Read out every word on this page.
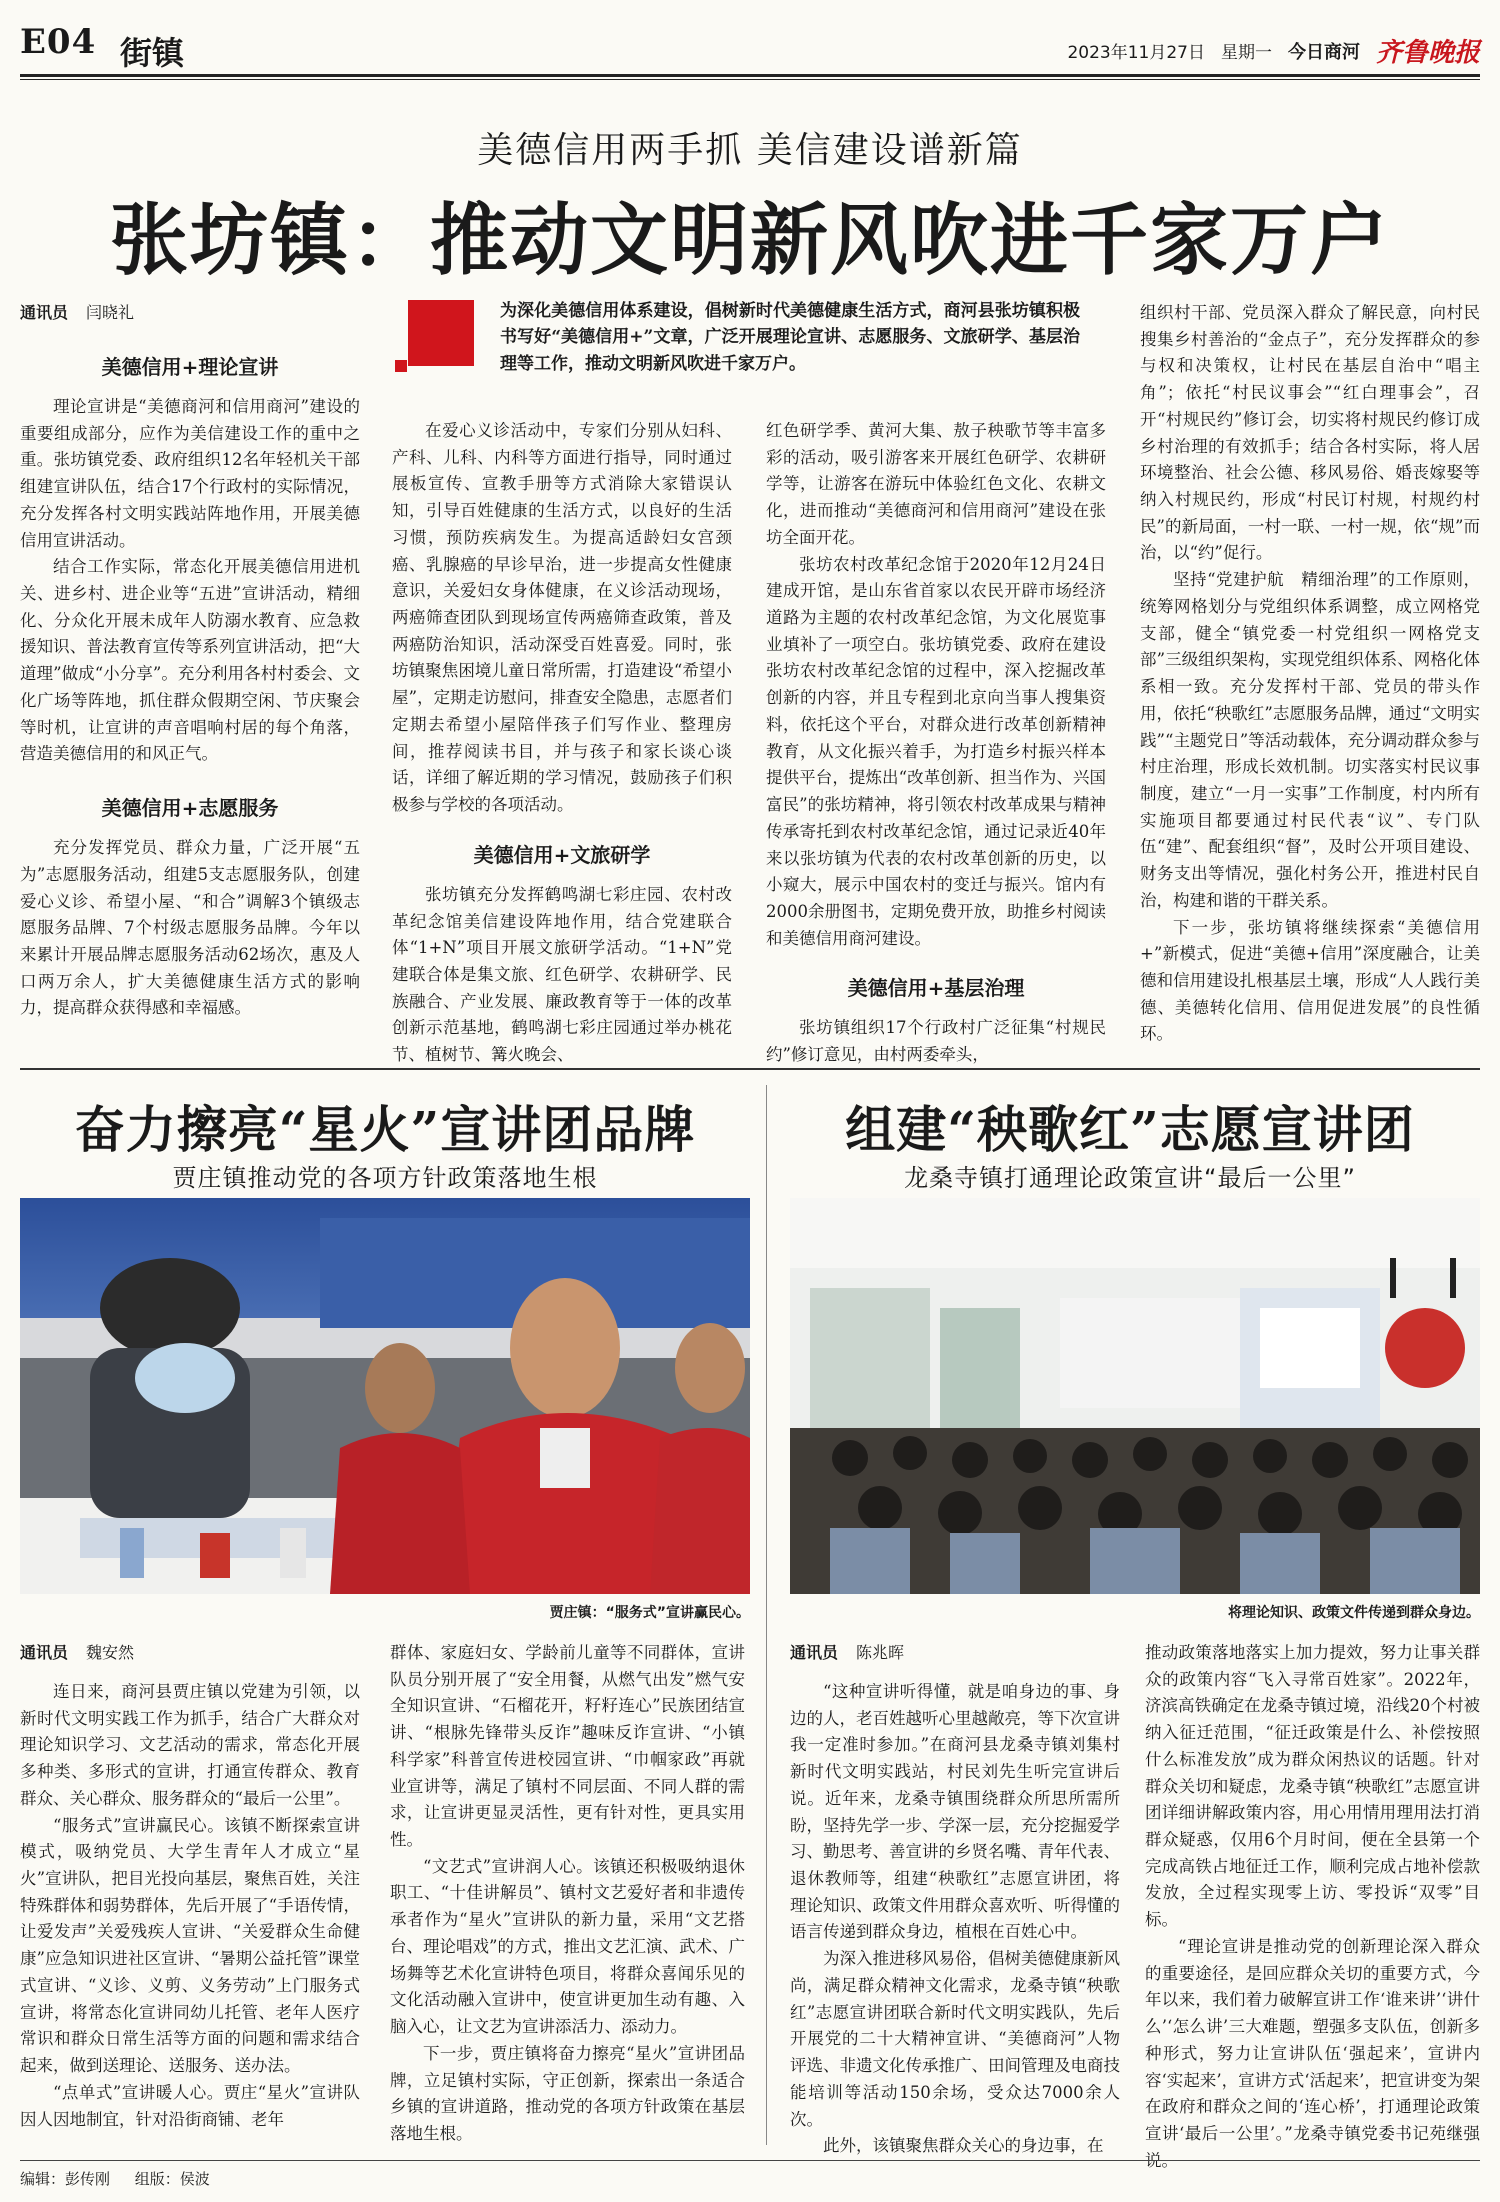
E04 街镇	2023年11月27日 星期一 今日商河 齐鲁晚报
美德信用两手抓 美信建设谱新篇
张坊镇：推动文明新风吹进千家万户
通讯员 闫晓礼
美德信用+理论宣讲

理论宣讲是“美德商河和信用商河”建设的重要组成部分，应作为美信建设工作的重中之重。张坊镇党委、政府组织12名年轻机关干部组建宣讲队伍，结合17个行政村的实际情况，充分发挥各村文明实践站阵地作用，开展美德信用宣讲活动。

结合工作实际，常态化开展美德信用进机关、进乡村、进企业等“五进”宣讲活动，精细化、分众化开展未成年人防溺水教育、应急救援知识、普法教育宣传等系列宣讲活动，把“大道理”做成“小分享”。充分利用各村村委会、文化广场等阵地，抓住群众假期空闲、节庆聚会等时机，让宣讲的声音唱响村居的每个角落，营造美德信用的和风正气。

美德信用+志愿服务

充分发挥党员、群众力量，广泛开展“五为”志愿服务活动，组建5支志愿服务队，创建爱心义诊、希望小屋、“和合”调解3个镇级志愿服务品牌、7个村级志愿服务品牌。今年以来累计开展品牌志愿服务活动62场次，惠及人口两万余人，扩大美德健康生活方式的影响力，提高群众获得感和幸福感。

为深化美德信用体系建设，倡树新时代美德健康生活方式，商河县张坊镇积极书写好“美德信用+”文章，广泛开展理论宣讲、志愿服务、文旅研学、基层治理等工作，推动文明新风吹进千家万户。

在爱心义诊活动中，专家们分别从妇科、产科、儿科、内科等方面进行指导，同时通过展板宣传、宣教手册等方式消除大家错误认知，引导百姓健康的生活方式，以良好的生活习惯，预防疾病发生。为提高适龄妇女宫颈癌、乳腺癌的早诊早治，进一步提高女性健康意识，关爱妇女身体健康，在义诊活动现场，两癌筛查团队到现场宣传两癌筛查政策，普及两癌防治知识，活动深受百姓喜爱。同时，张坊镇聚焦困境儿童日常所需，打造建设“希望小屋”，定期走访慰问，排查安全隐患，志愿者们定期去希望小屋陪伴孩子们写作业、整理房间，推荐阅读书目，并与孩子和家长谈心谈话，详细了解近期的学习情况，鼓励孩子们积极参与学校的各项活动。

美德信用+文旅研学

张坊镇充分发挥鹤鸣湖七彩庄园、农村改革纪念馆美信建设阵地作用，结合党建联合体“1+N”项目开展文旅研学活动。“1+N”党建联合体是集文旅、红色研学、农耕研学、民族融合、产业发展、廉政教育等于一体的改革创新示范基地，鹤鸣湖七彩庄园通过举办桃花节、植树节、篝火晚会、

红色研学季、黄河大集、敖子秧歌节等丰富多彩的活动，吸引游客来开展红色研学、农耕研学等，让游客在游玩中体验红色文化、农耕文化，进而推动“美德商河和信用商河”建设在张坊全面开花。

张坊农村改革纪念馆于2020年12月24日建成开馆，是山东省首家以农民开辟市场经济道路为主题的农村改革纪念馆，为文化展览事业填补了一项空白。张坊镇党委、政府在建设张坊农村改革纪念馆的过程中，深入挖掘改革创新的内容，并且专程到北京向当事人搜集资料，依托这个平台，对群众进行改革创新精神教育，从文化振兴着手，为打造乡村振兴样本提供平台，提炼出“改革创新、担当作为、兴国富民”的张坊精神，将引领农村改革成果与精神传承寄托到农村改革纪念馆，通过记录近40年来以张坊镇为代表的农村改革创新的历史，以小窥大，展示中国农村的变迁与振兴。馆内有2000余册图书，定期免费开放，助推乡村阅读和美德信用商河建设。

美德信用+基层治理

张坊镇组织17个行政村广泛征集“村规民约”修订意见，由村两委牵头，

组织村干部、党员深入群众了解民意，向村民搜集乡村善治的“金点子”，充分发挥群众的参与权和决策权，让村民在基层自治中“唱主角”；依托“村民议事会”“红白理事会”，召开“村规民约”修订会，切实将村规民约修订成乡村治理的有效抓手；结合各村实际，将人居环境整治、社会公德、移风易俗、婚丧嫁娶等纳入村规民约，形成“村民订村规，村规约村民”的新局面，一村一联、一村一规，依“规”而治，以“约”促行。

坚持“党建护航　精细治理”的工作原则，统筹网格划分与党组织体系调整，成立网格党支部，健全“镇党委一村党组织一网格党支部”三级组织架构，实现党组织体系、网格化体系相一致。充分发挥村干部、党员的带头作用，依托“秧歌红”志愿服务品牌，通过“文明实践”“主题党日”等活动载体，充分调动群众参与村庄治理，形成长效机制。切实落实村民议事制度，建立“一月一实事”工作制度，村内所有实施项目都要通过村民代表“议”、专门队伍“建”、配套组织“督”，及时公开项目建设、财务支出等情况，强化村务公开，推进村民自治，构建和谐的干群关系。

下一步，张坊镇将继续探索“美德信用+”新模式，促进“美德+信用”深度融合，让美德和信用建设扎根基层土壤，形成“人人践行美德、美德转化信用、信用促进发展”的良性循环。

奋力擦亮“星火”宣讲团品牌
贾庄镇推动党的各项方针政策落地生根
贾庄镇：“服务式”宣讲赢民心。
通讯员 魏安然

连日来，商河县贾庄镇以党建为引领，以新时代文明实践工作为抓手，结合广大群众对理论知识学习、文艺活动的需求，常态化开展多种类、多形式的宣讲，打通宣传群众、教育群众、关心群众、服务群众的“最后一公里”。

“服务式”宣讲赢民心。该镇不断探索宣讲模式，吸纳党员、大学生青年人才成立“星火”宣讲队，把目光投向基层，聚焦百姓，关注特殊群体和弱势群体，先后开展了“手语传情，让爱发声”关爱残疾人宣讲、“关爱群众生命健康”应急知识进社区宣讲、“暑期公益托管”课堂式宣讲、“义诊、义剪、义务劳动”上门服务式宣讲，将常态化宣讲同幼儿托管、老年人医疗常识和群众日常生活等方面的问题和需求结合起来，做到送理论、送服务、送办法。

“点单式”宣讲暖人心。贾庄“星火”宣讲队因人因地制宜，针对沿街商铺、老年

群体、家庭妇女、学龄前儿童等不同群体，宣讲队员分别开展了“安全用餐，从燃气出发”燃气安全知识宣讲、“石榴花开，籽籽连心”民族团结宣讲、“根脉先锋带头反诈”趣味反诈宣讲、“小镇科学家”科普宣传进校园宣讲、“巾帼家政”再就业宣讲等，满足了镇村不同层面、不同人群的需求，让宣讲更显灵活性，更有针对性，更具实用性。

“文艺式”宣讲润人心。该镇还积极吸纳退休职工、“十佳讲解员”、镇村文艺爱好者和非遗传承者作为“星火”宣讲队的新力量，采用“文艺搭台、理论唱戏”的方式，推出文艺汇演、武术、广场舞等艺术化宣讲特色项目，将群众喜闻乐见的文化活动融入宣讲中，使宣讲更加生动有趣、入脑入心，让文艺为宣讲添活力、添动力。

下一步，贾庄镇将奋力擦亮“星火”宣讲团品牌，立足镇村实际，守正创新，探索出一条适合乡镇的宣讲道路，推动党的各项方针政策在基层落地生根。

组建“秧歌红”志愿宣讲团
龙桑寺镇打通理论政策宣讲“最后一公里”
将理论知识、政策文件传递到群众身边。
通讯员 陈兆晖

“这种宣讲听得懂，就是咱身边的事、身边的人，老百姓越听心里越敞亮，等下次宣讲我一定准时参加。”在商河县龙桑寺镇刘集村新时代文明实践站，村民刘先生听完宣讲后说。近年来，龙桑寺镇围绕群众所思所需所盼，坚持先学一步、学深一层，充分挖掘爱学习、勤思考、善宣讲的乡贤名嘴、青年代表、退休教师等，组建“秧歌红”志愿宣讲团，将理论知识、政策文件用群众喜欢听、听得懂的语言传递到群众身边，植根在百姓心中。

为深入推进移风易俗，倡树美德健康新风尚，满足群众精神文化需求，龙桑寺镇“秧歌红”志愿宣讲团联合新时代文明实践队，先后开展党的二十大精神宣讲、“美德商河”人物评选、非遗文化传承推广、田间管理及电商技能培训等活动150余场，受众达7000余人次。

此外，该镇聚焦群众关心的身边事，在

推动政策落地落实上加力提效，努力让事关群众的政策内容“飞入寻常百姓家”。2022年，济滨高铁确定在龙桑寺镇过境，沿线20个村被纳入征迁范围，“征迁政策是什么、补偿按照什么标准发放”成为群众闲热议的话题。针对群众关切和疑虑，龙桑寺镇“秧歌红”志愿宣讲团详细讲解政策内容，用心用情用理用法打消群众疑惑，仅用6个月时间，便在全县第一个完成高铁占地征迁工作，顺利完成占地补偿款发放，全过程实现零上访、零投诉“双零”目标。

“理论宣讲是推动党的创新理论深入群众的重要途径，是回应群众关切的重要方式，今年以来，我们着力破解宣讲工作‘谁来讲’‘讲什么’‘怎么讲’三大难题，塑强多支队伍，创新多种形式，努力让宣讲队伍‘强起来’，宣讲内容‘实起来’，宣讲方式‘活起来’，把宣讲变为架在政府和群众之间的‘连心桥’，打通理论政策宣讲‘最后一公里’。”龙桑寺镇党委书记苑继强说。

编辑：彭传刚 组版：侯波
